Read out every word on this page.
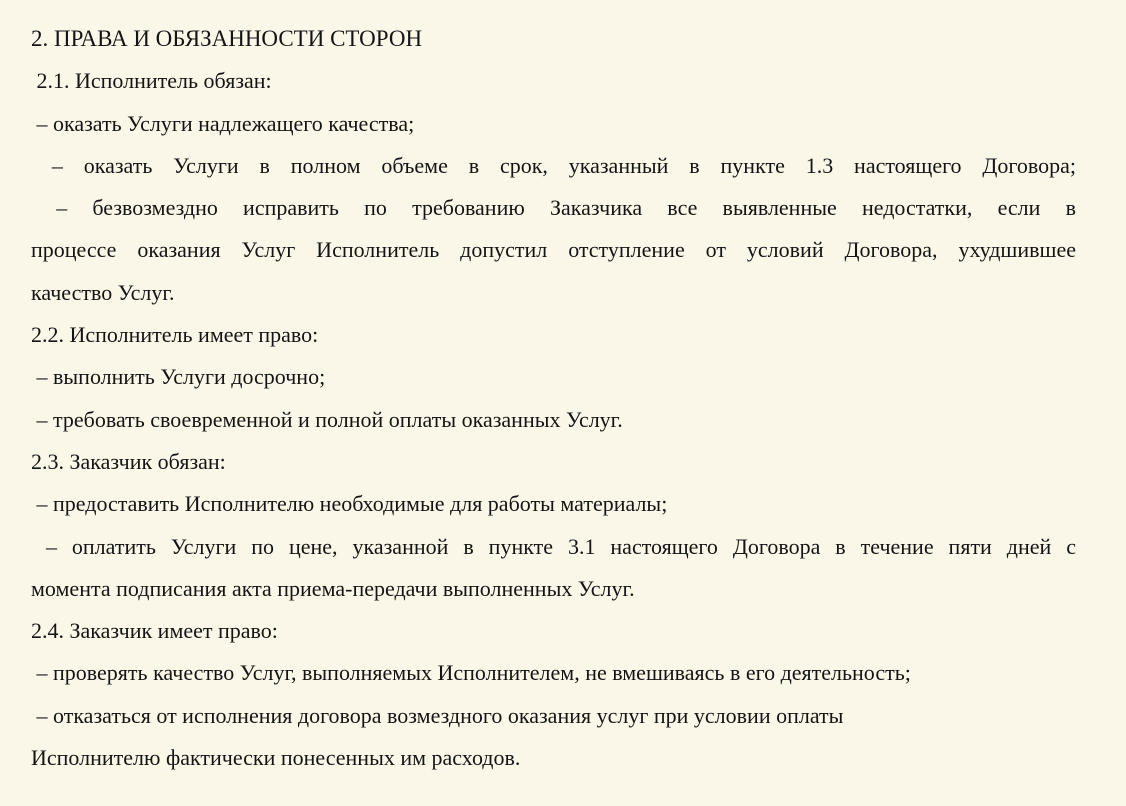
2. ПРАВА И ОБЯЗАННОСТИ СТОРОН
2.1. Исполнитель обязан:
– оказать Услуги надлежащего качества;
– оказать Услуги в полном объеме в срок, указанный в пункте 1.3 настоящего Договора;
– безвозмездно исправить по требованию Заказчика все выявленные недостатки, если в
процессе оказания Услуг Исполнитель допустил отступление от условий Договора, ухудшившее
качество Услуг.
2.2. Исполнитель имеет право:
– выполнить Услуги досрочно;
– требовать своевременной и полной оплаты оказанных Услуг.
2.3. Заказчик обязан:
– предоставить Исполнителю необходимые для работы материалы;
– оплатить Услуги по цене, указанной в пункте 3.1 настоящего Договора в течение пяти дней с
момента подписания акта приема-передачи выполненных Услуг.
2.4. Заказчик имеет право:
– проверять качество Услуг, выполняемых Исполнителем, не вмешиваясь в его деятельность;
– отказаться от исполнения договора возмездного оказания услуг при условии оплаты
Исполнителю фактически понесенных им расходов.
